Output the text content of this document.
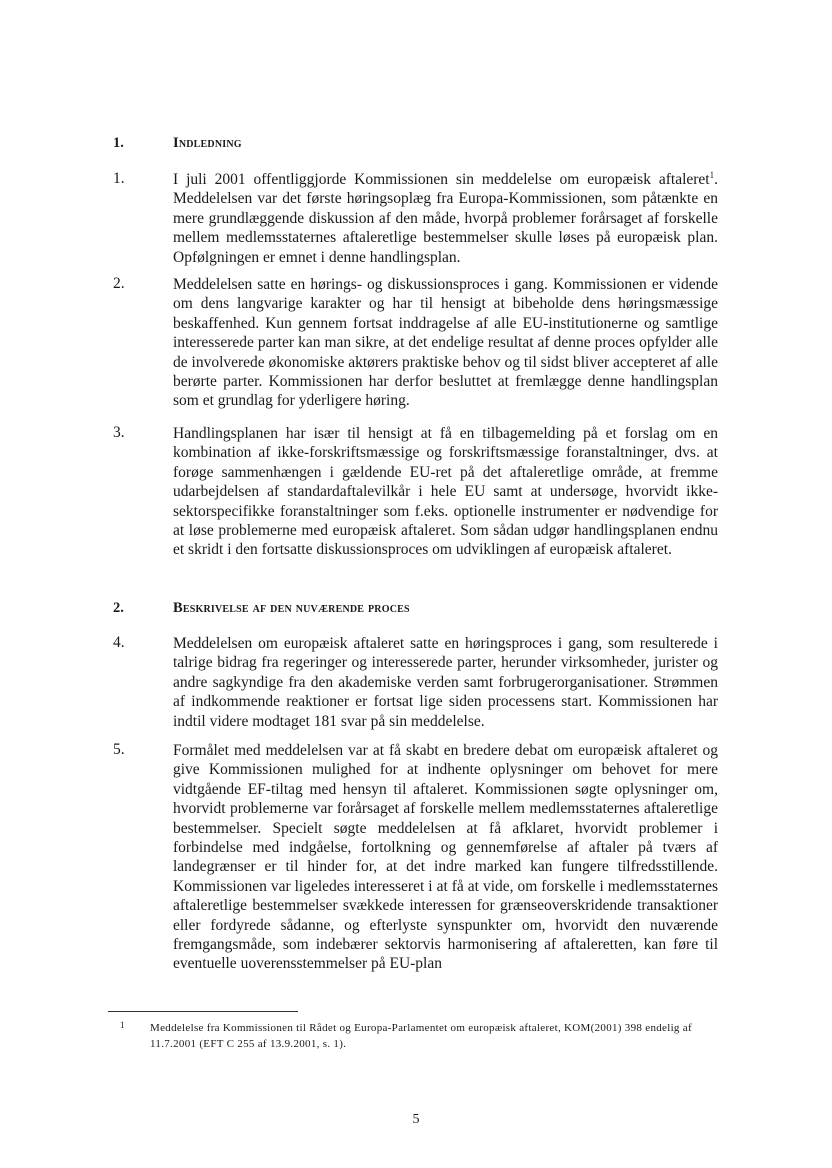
1.	Indledning
1.	I juli 2001 offentliggjorde Kommissionen sin meddelelse om europæisk aftaleret$^1$. Meddelelsen var det første høringsoplæg fra Europa-Kommissionen, som påtænkte en mere grundlæggende diskussion af den måde, hvorpå problemer forårsaget af forskelle mellem medlemsstaternes aftaleretlige bestemmelser skulle løses på europæisk plan. Opfølgningen er emnet i denne handlingsplan.
2.	Meddelelsen satte en hørings- og diskussionsproces i gang. Kommissionen er vidende om dens langvarige karakter og har til hensigt at bibeholde dens høringsmæssige beskaffenhed. Kun gennem fortsat inddragelse af alle EU-institutionerne og samtlige interesserede parter kan man sikre, at det endelige resultat af denne proces opfylder alle de involverede økonomiske aktørers praktiske behov og til sidst bliver accepteret af alle berørte parter. Kommissionen har derfor besluttet at fremlægge denne handlingsplan som et grundlag for yderligere høring.
3.	Handlingsplanen har især til hensigt at få en tilbagemelding på et forslag om en kombination af ikke-forskriftsmæssige og forskriftsmæssige foranstaltninger, dvs. at forøge sammenhængen i gældende EU-ret på det aftaleretlige område, at fremme udarbejdelsen af standardaftalevilkår i hele EU samt at undersøge, hvorvidt ikke-sektorspecifikke foranstaltninger som f.eks. optionelle instrumenter er nødvendige for at løse problemerne med europæisk aftaleret. Som sådan udgør handlingsplanen endnu et skridt i den fortsatte diskussionsproces om udviklingen af europæisk aftaleret.
2.	Beskrivelse af den nuværende proces
4.	Meddelelsen om europæisk aftaleret satte en høringsproces i gang, som resulterede i talrige bidrag fra regeringer og interesserede parter, herunder virksomheder, jurister og andre sagkyndige fra den akademiske verden samt forbrugerorganisationer. Strømmen af indkommende reaktioner er fortsat lige siden processens start. Kommissionen har indtil videre modtaget 181 svar på sin meddelelse.
5.	Formålet med meddelelsen var at få skabt en bredere debat om europæisk aftaleret og give Kommissionen mulighed for at indhente oplysninger om behovet for mere vidtgående EF-tiltag med hensyn til aftaleret. Kommissionen søgte oplysninger om, hvorvidt problemerne var forårsaget af forskelle mellem medlemsstaternes aftaleretlige bestemmelser. Specielt søgte meddelelsen at få afklaret, hvorvidt problemer i forbindelse med indgåelse, fortolkning og gennemførelse af aftaler på tværs af landegrænser er til hinder for, at det indre marked kan fungere tilfredsstillende. Kommissionen var ligeledes interesseret i at få at vide, om forskelle i medlemsstaternes aftaleretlige bestemmelser svækkede interessen for grænseoverskridende transaktioner eller fordyrede sådanne, og efterlyste synspunkter om, hvorvidt den nuværende fremgangsmåde, som indebærer sektorvis harmonisering af aftaleretten, kan føre til eventuelle uoverensstemmelser på EU-plan
1 Meddelelse fra Kommissionen til Rådet og Europa-Parlamentet om europæisk aftaleret, KOM(2001) 398 endelig af 11.7.2001 (EFT C 255 af 13.9.2001, s. 1).
5
